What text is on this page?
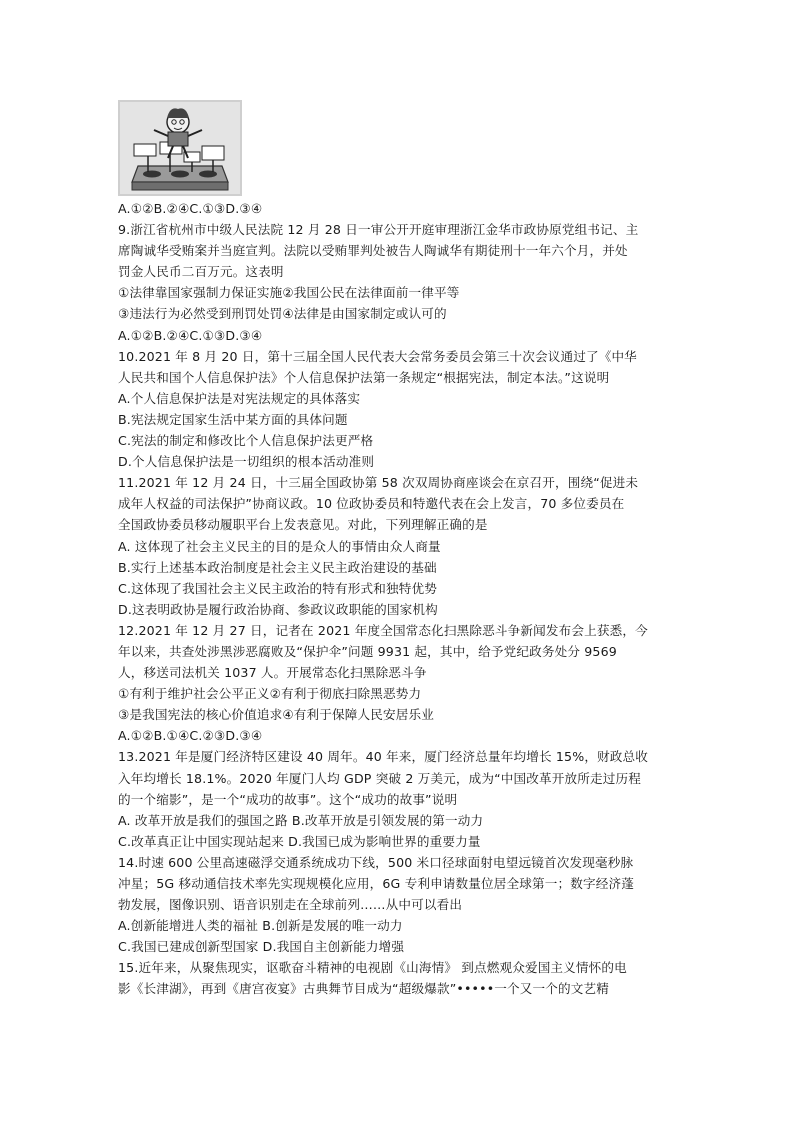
A.①②B.②④C.①③D.③④
9.浙江省杭州市中级人民法院 12 月 28 日一审公开开庭审理浙江金华市政协原党组书记、主
席陶诚华受贿案并当庭宣判。法院以受贿罪判处被告人陶诚华有期徒刑十一年六个月，并处
罚金人民币二百万元。这表明
①法律靠国家强制力保证实施②我国公民在法律面前一律平等
③违法行为必然受到刑罚处罚④法律是由国家制定或认可的
A.①②B.②④C.①③D.③④
10.2021 年 8 月 20 日，第十三届全国人民代表大会常务委员会第三十次会议通过了《中华
人民共和国个人信息保护法》个人信息保护法第一条规定“根据宪法，制定本法。”这说明
A.个人信息保护法是对宪法规定的具体落实
B.宪法规定国家生活中某方面的具体问题
C.宪法的制定和修改比个人信息保护法更严格
D.个人信息保护法是一切组织的根本活动准则
11.2021 年 12 月 24 日，十三届全国政协第 58 次双周协商座谈会在京召开，围绕“促进未
成年人权益的司法保护”协商议政。10 位政协委员和特邀代表在会上发言，70 多位委员在
全国政协委员移动履职平台上发表意见。对此，下列理解正确的是
A. 这体现了社会主义民主的目的是众人的事情由众人商量
B.实行上述基本政治制度是社会主义民主政治建设的基础
C.这体现了我国社会主义民主政治的特有形式和独特优势
D.这表明政协是履行政治协商、参政议政职能的国家机构
12.2021 年 12 月 27 日，记者在 2021 年度全国常态化扫黑除恶斗争新闻发布会上获悉，今
年以来，共查处涉黑涉恶腐败及“保护伞”问题 9931 起，其中，给予党纪政务处分 9569
人，移送司法机关 1037 人。开展常态化扫黑除恶斗争
①有利于维护社会公平正义②有利于彻底扫除黑恶势力
③是我国宪法的核心价值追求④有利于保障人民安居乐业
A.①②B.①④C.②③D.③④
13.2021 年是厦门经济特区建设 40 周年。40 年来，厦门经济总量年均增长 15%，财政总收
入年均增长 18.1%。2020 年厦门人均 GDP 突破 2 万美元，成为“中国改革开放所走过历程
的一个缩影”，是一个“成功的故事”。这个“成功的故事”说明
A. 改革开放是我们的强国之路 B.改革开放是引领发展的第一动力
C.改革真正让中国实现站起来 D.我国已成为影响世界的重要力量
14.时速 600 公里高速磁浮交通系统成功下线，500 米口径球面射电望远镜首次发现毫秒脉
冲星；5G 移动通信技术率先实现规模化应用，6G 专利申请数量位居全球第一；数字经济蓬
勃发展，图像识别、语音识别走在全球前列……从中可以看出
A.创新能增进人类的福祉 B.创新是发展的唯一动力
C.我国已建成创新型国家 D.我国自主创新能力增强
15.近年来，从聚焦现实，讴歌奋斗精神的电视剧《山海情》 到点燃观众爱国主义情怀的电
影《长津湖》，再到《唐宫夜宴》古典舞节目成为“超级爆款”•••••一个又一个的文艺精
